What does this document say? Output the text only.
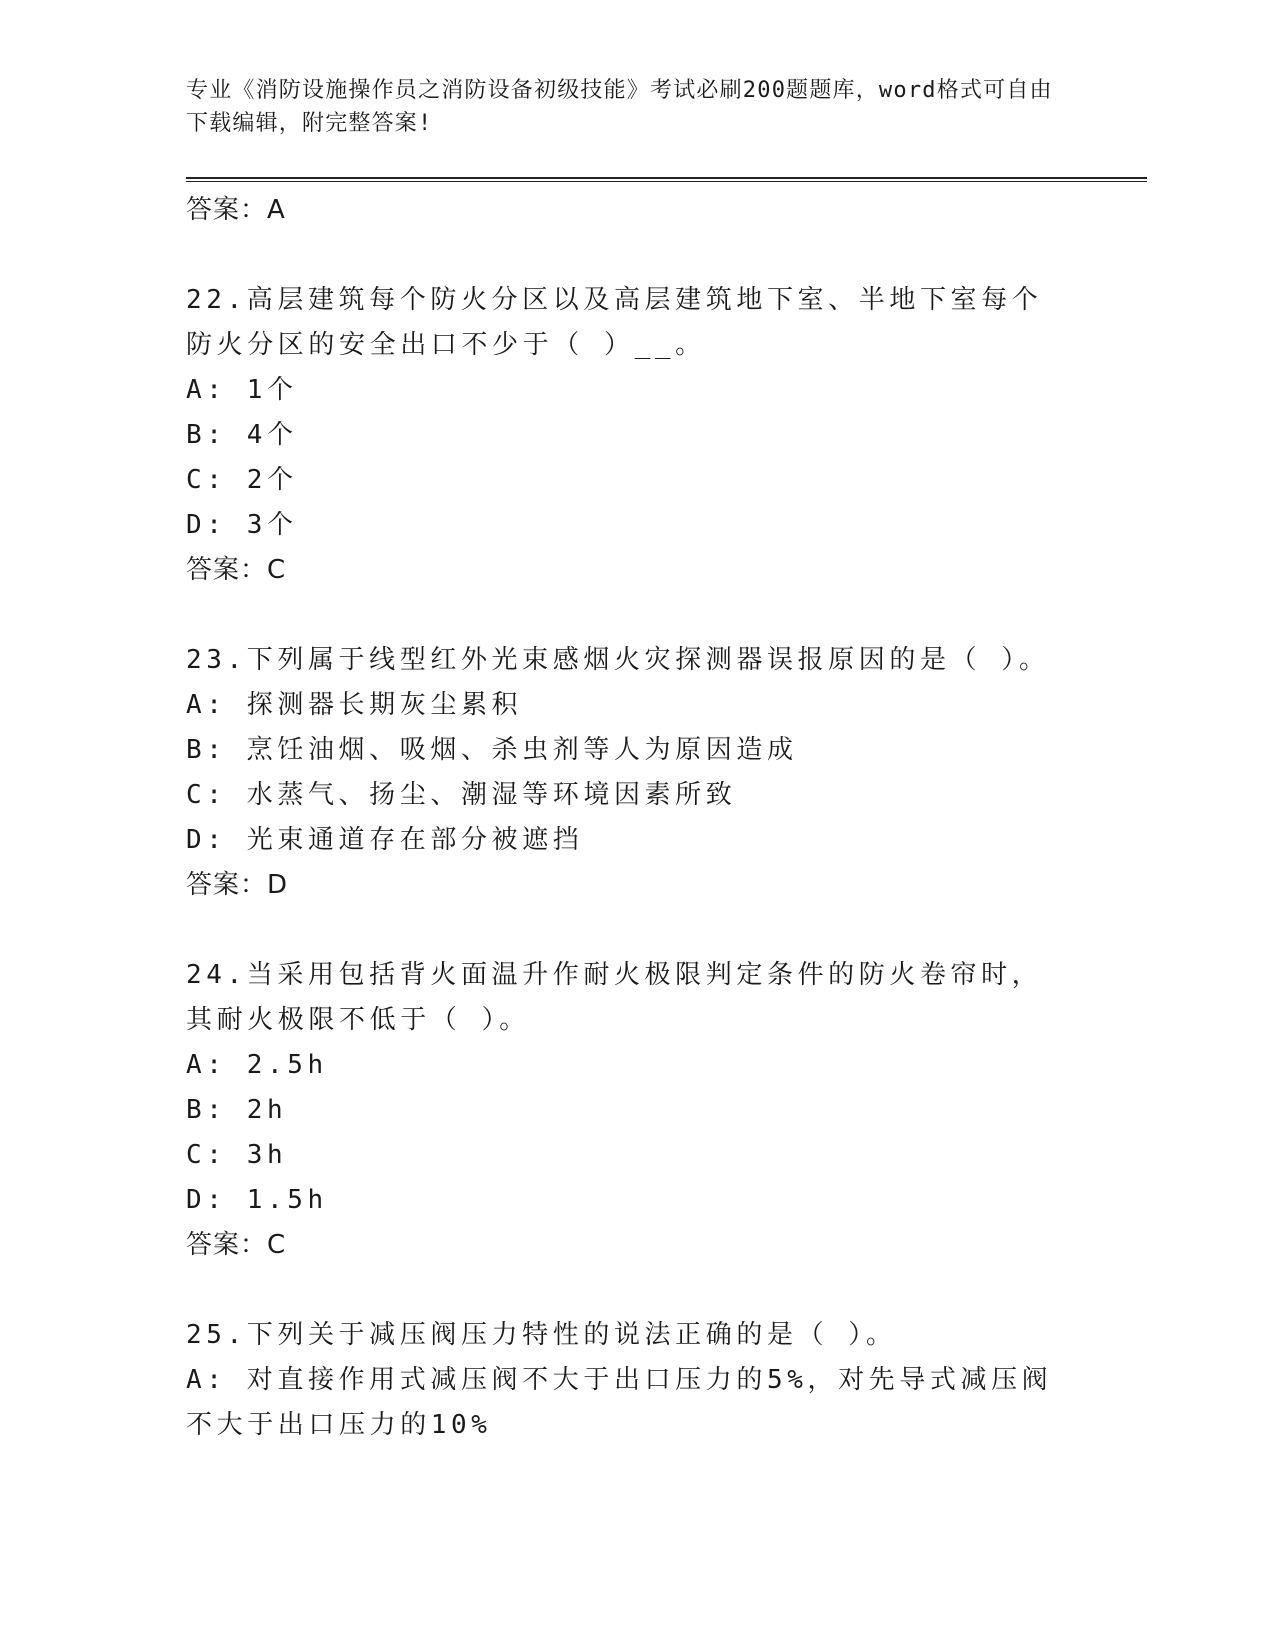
专业《消防设施操作员之消防设备初级技能》考试必刷200题题库，word格式可自由下载编辑，附完整答案!
答案：A
22.高层建筑每个防火分区以及高层建筑地下室、半地下室每个防火分区的安全出口不少于（ ）__。
A: 1个
B: 4个
C: 2个
D: 3个
答案：C
23.下列属于线型红外光束感烟火灾探测器误报原因的是（ ）。
A: 探测器长期灰尘累积
B: 烹饪油烟、吸烟、杀虫剂等人为原因造成
C: 水蒸气、扬尘、潮湿等环境因素所致
D: 光束通道存在部分被遮挡
答案：D
24.当采用包括背火面温升作耐火极限判定条件的防火卷帘时，其耐火极限不低于（ ）。
A: 2.5h
B: 2h
C: 3h
D: 1.5h
答案：C
25.下列关于减压阀压力特性的说法正确的是（ ）。
A: 对直接作用式减压阀不大于出口压力的5%，对先导式减压阀不大于出口压力的10%
